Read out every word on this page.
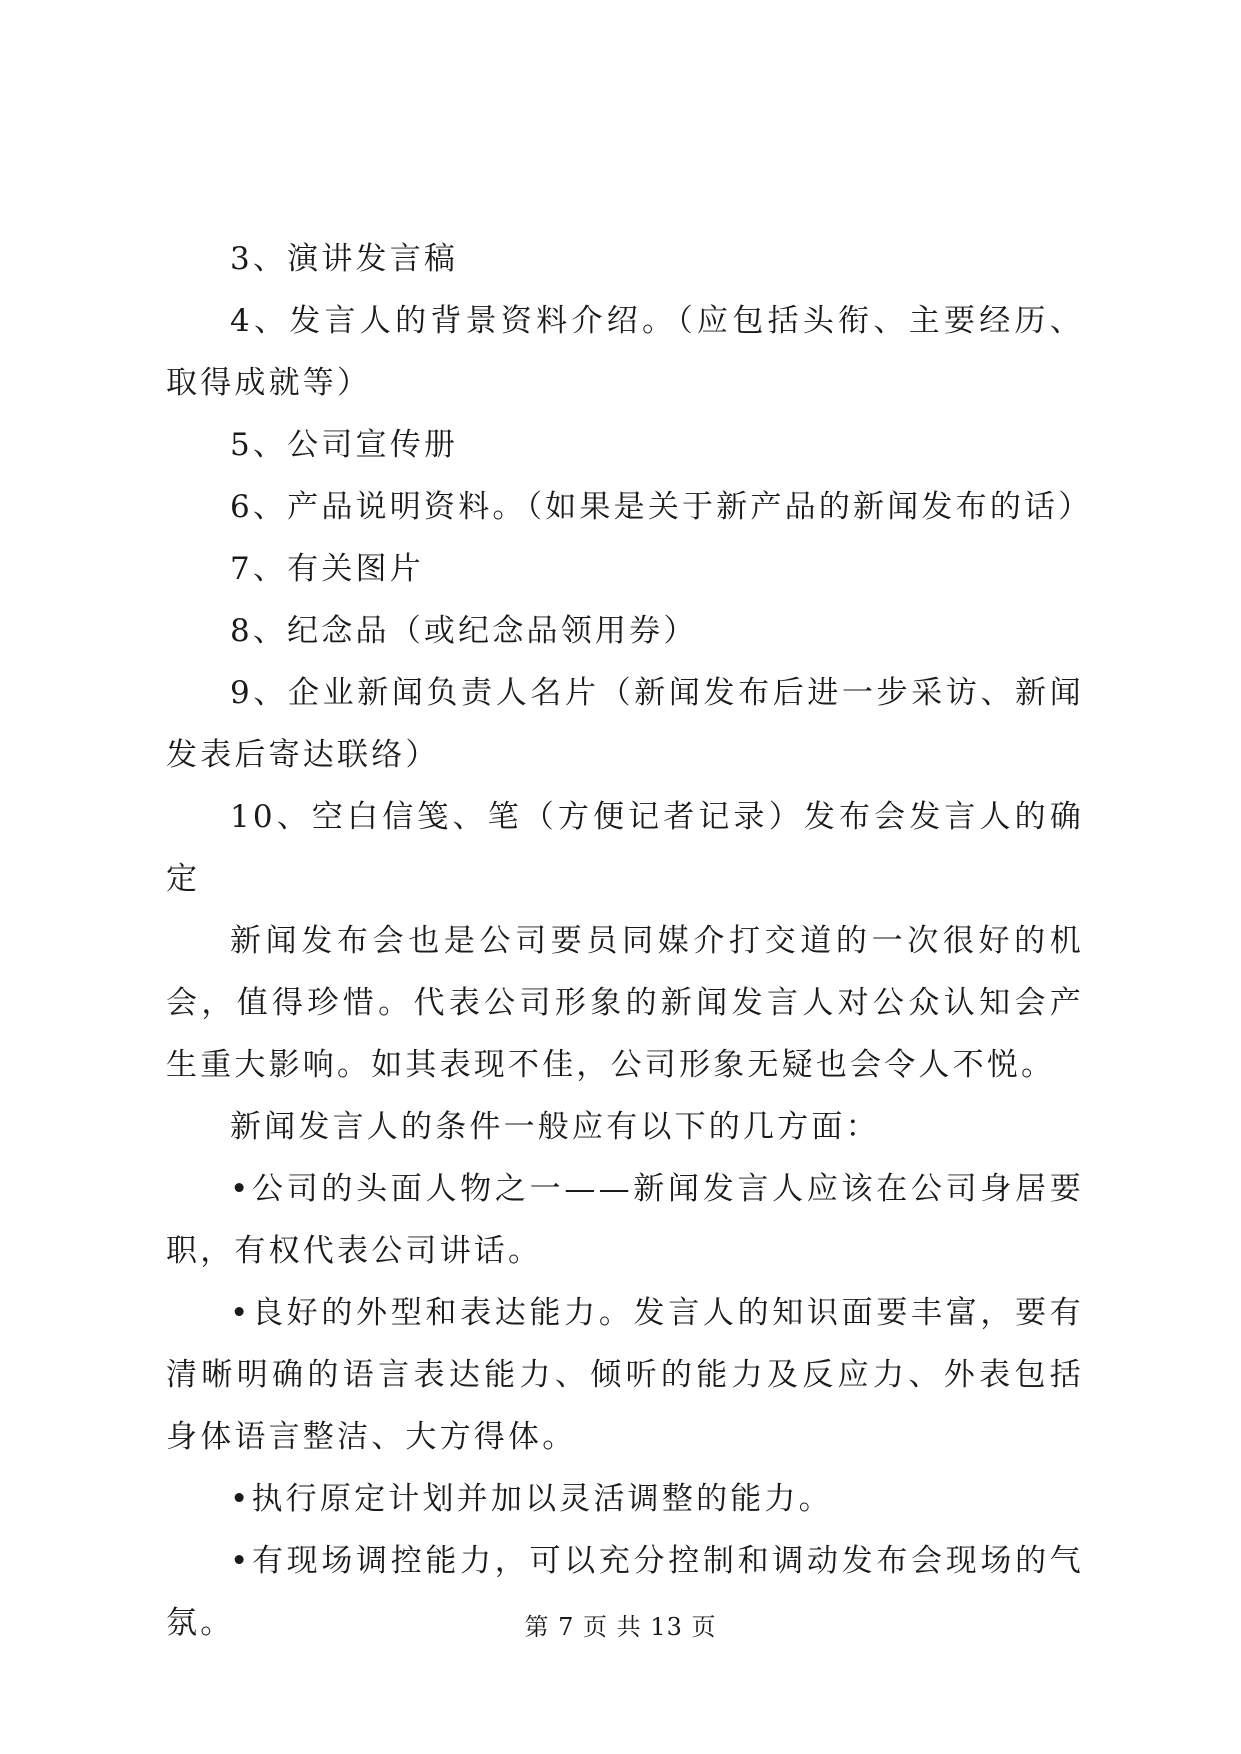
3、演讲发言稿

4、发言人的背景资料介绍。（应包括头衔、主要经历、取得成就等）

5、公司宣传册

6、产品说明资料。（如果是关于新产品的新闻发布的话）

7、有关图片

8、纪念品（或纪念品领用券）

9、企业新闻负责人名片（新闻发布后进一步采访、新闻发表后寄达联络）

10、空白信笺、笔（方便记者记录）发布会发言人的确定

新闻发布会也是公司要员同媒介打交道的一次很好的机会，值得珍惜。代表公司形象的新闻发言人对公众认知会产生重大影响。如其表现不佳，公司形象无疑也会令人不悦。

新闻发言人的条件一般应有以下的几方面：

•公司的头面人物之一——新闻发言人应该在公司身居要职，有权代表公司讲话。

•良好的外型和表达能力。发言人的知识面要丰富，要有清晰明确的语言表达能力、倾听的能力及反应力、外表包括身体语言整洁、大方得体。

•执行原定计划并加以灵活调整的能力。

•有现场调控能力，可以充分控制和调动发布会现场的气氛。	第 7 页 共 13 页
